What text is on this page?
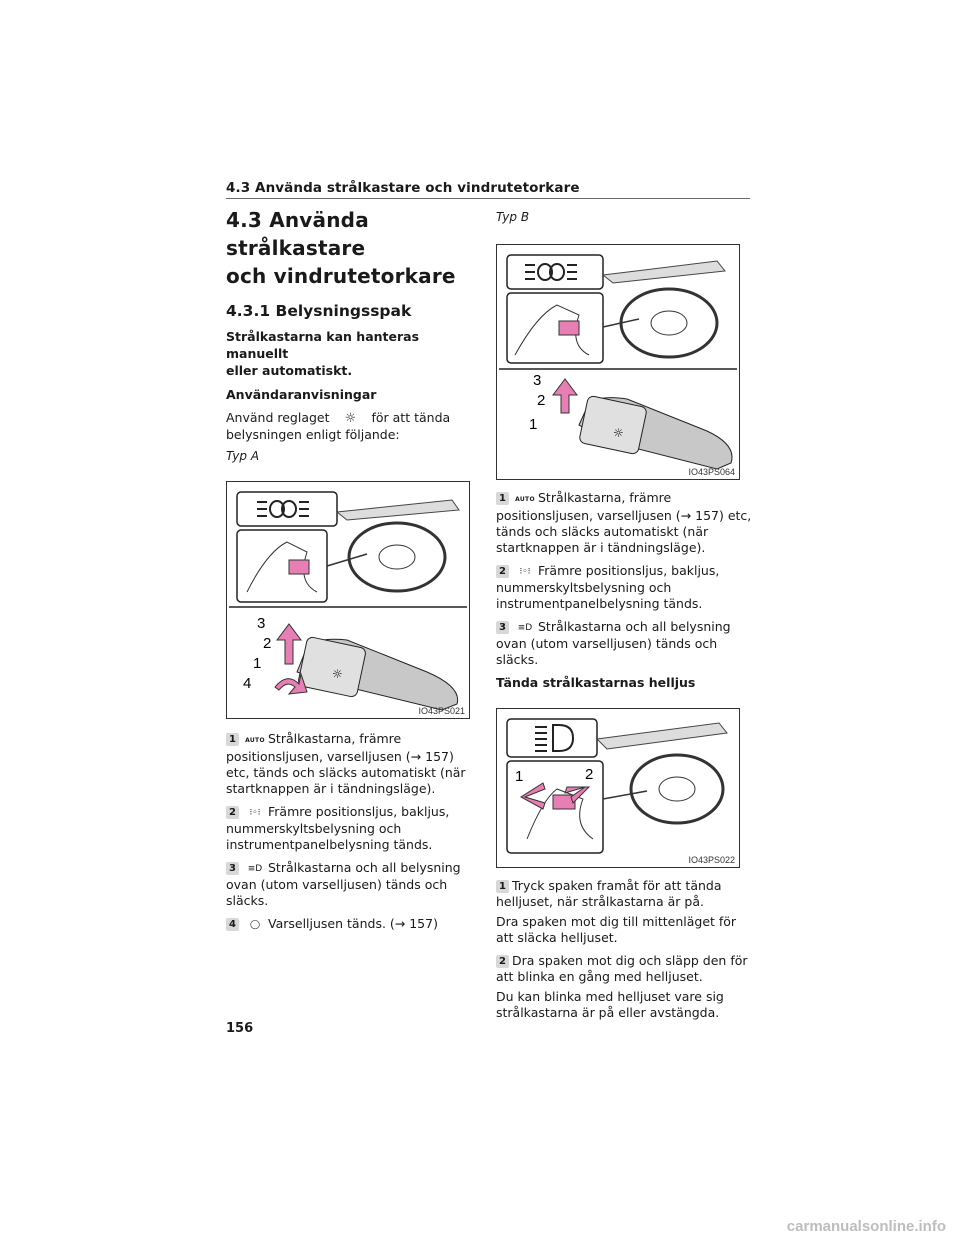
4.3 Använda strålkastare och vindrutetorkare
4.3 Använda strålkastare
och vindrutetorkare
4.3.1 Belysningsspak
Strålkastarna kan hanteras manuellt
eller automatiskt.
Användaranvisningar

Använd reglaget ☼ för att tända
belysningen enligt följande:

Typ A
☼
3
2
1
4
IO43PS021
1 AUTO Strålkastarna, främre positionsljusen, varselljusen (→ 157) etc, tänds och släcks automatiskt (när startknappen är i tändningsläge).
2 ⁝◦⁝ Främre positionsljus, bakljus, nummerskyltsbelysning och instrumentpanelbelysning tänds.
3 ≡D Strålkastarna och all belysning ovan (utom varselljusen) tänds och släcks.
4 ◯ Varselljusen tänds. (→ 157)
Typ B
☼
3
2
1
IO43PS064
1 AUTO Strålkastarna, främre positionsljusen, varselljusen (→ 157) etc, tänds och släcks automatiskt (när startknappen är i tändningsläge).
2 ⁝◦⁝ Främre positionsljus, bakljus, nummerskyltsbelysning och instrumentpanelbelysning tänds.
3 ≡D Strålkastarna och all belysning ovan (utom varselljusen) tänds och släcks.
Tända strålkastarnas helljus
1	2
IO43PS022
1 Tryck spaken framåt för att tända helljuset, när strålkastarna är på.

Dra spaken mot dig till mittenläget för att släcka helljuset.

2 Dra spaken mot dig och släpp den för att blinka en gång med helljuset.

Du kan blinka med helljuset vare sig strålkastarna är på eller avstängda.

156
carmanualsonline.info
